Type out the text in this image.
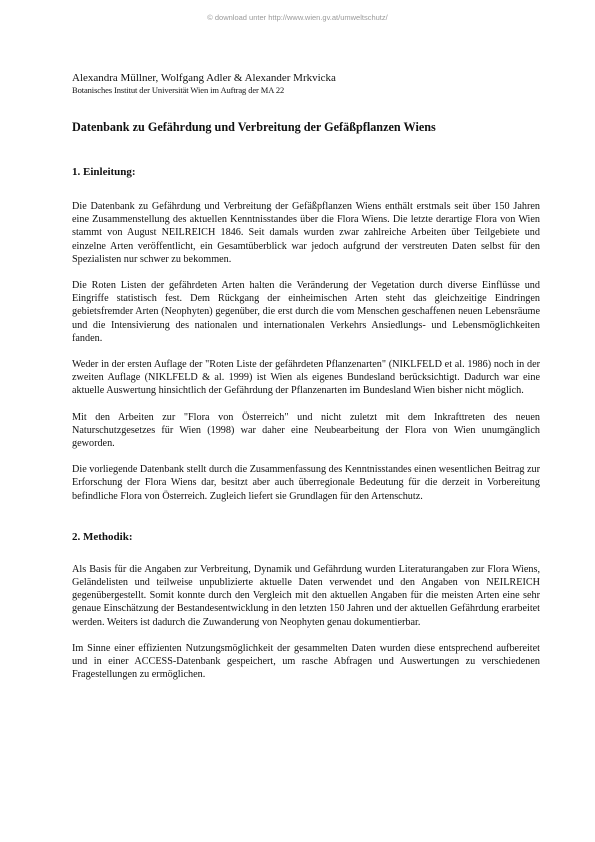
© download unter http://www.wien.gv.at/umweltschutz/

Alexandra Müllner, Wolfgang Adler & Alexander Mrkvicka

Botanisches Institut der Universität Wien im Auftrag der MA 22

Datenbank zu Gefährdung und Verbreitung der Gefäßpflanzen Wiens
1. Einleitung:

Die Datenbank zu Gefährdung und Verbreitung der Gefäßpflanzen Wiens enthält erstmals seit über 150 Jahren eine Zusammenstellung des aktuellen Kenntnisstandes über die Flora Wiens. Die letzte derartige Flora von Wien stammt von August NEILREICH 1846. Seit damals wurden zwar zahlreiche Arbeiten über Teilgebiete und einzelne Arten veröffentlicht, ein Gesamtüberblick war jedoch aufgrund der verstreuten Daten selbst für den Spezialisten nur schwer zu bekommen.

Die Roten Listen der gefährdeten Arten halten die Veränderung der Vegetation durch diverse Einflüsse und Eingriffe statistisch fest. Dem Rückgang der einheimischen Arten steht das gleichzeitige Eindringen gebietsfremder Arten (Neophyten) gegenüber, die erst durch die vom Menschen geschaffenen neuen Lebensräume und die Intensivierung des nationalen und internationalen Verkehrs Ansiedlungs- und Lebensmöglichkeiten fanden.

Weder in der ersten Auflage der "Roten Liste der gefährdeten Pflanzenarten" (NIKLFELD et al. 1986) noch in der zweiten Auflage (NIKLFELD & al. 1999) ist Wien als eigenes Bundesland berücksichtigt. Dadurch war eine aktuelle Auswertung hinsichtlich der Gefährdung der Pflanzenarten im Bundesland Wien bisher nicht möglich.

Mit den Arbeiten zur "Flora von Österreich" und nicht zuletzt mit dem Inkrafttreten des neuen Naturschutzgesetzes für Wien (1998) war daher eine Neubearbeitung der Flora von Wien unumgänglich geworden.

Die vorliegende Datenbank stellt durch die Zusammenfassung des Kenntnisstandes einen wesentlichen Beitrag zur Erforschung der Flora Wiens dar, besitzt aber auch überregionale Bedeutung für die derzeit in Vorbereitung befindliche Flora von Österreich. Zugleich liefert sie Grundlagen für den Artenschutz.

2. Methodik:

Als Basis für die Angaben zur Verbreitung, Dynamik und Gefährdung wurden Literaturangaben zur Flora Wiens, Geländelisten und teilweise unpublizierte aktuelle Daten verwendet und den Angaben von NEILREICH gegenübergestellt. Somit konnte durch den Vergleich mit den aktuellen Angaben für die meisten Arten eine sehr genaue Einschätzung der Bestandesentwicklung in den letzten 150 Jahren und der aktuellen Gefährdung erarbeitet werden. Weiters ist dadurch die Zuwanderung von Neophyten genau dokumentierbar.

Im Sinne einer effizienten Nutzungsmöglichkeit der gesammelten Daten wurden diese entsprechend aufbereitet und in einer ACCESS-Datenbank gespeichert, um rasche Abfragen und Auswertungen zu verschiedenen Fragestellungen zu ermöglichen.
